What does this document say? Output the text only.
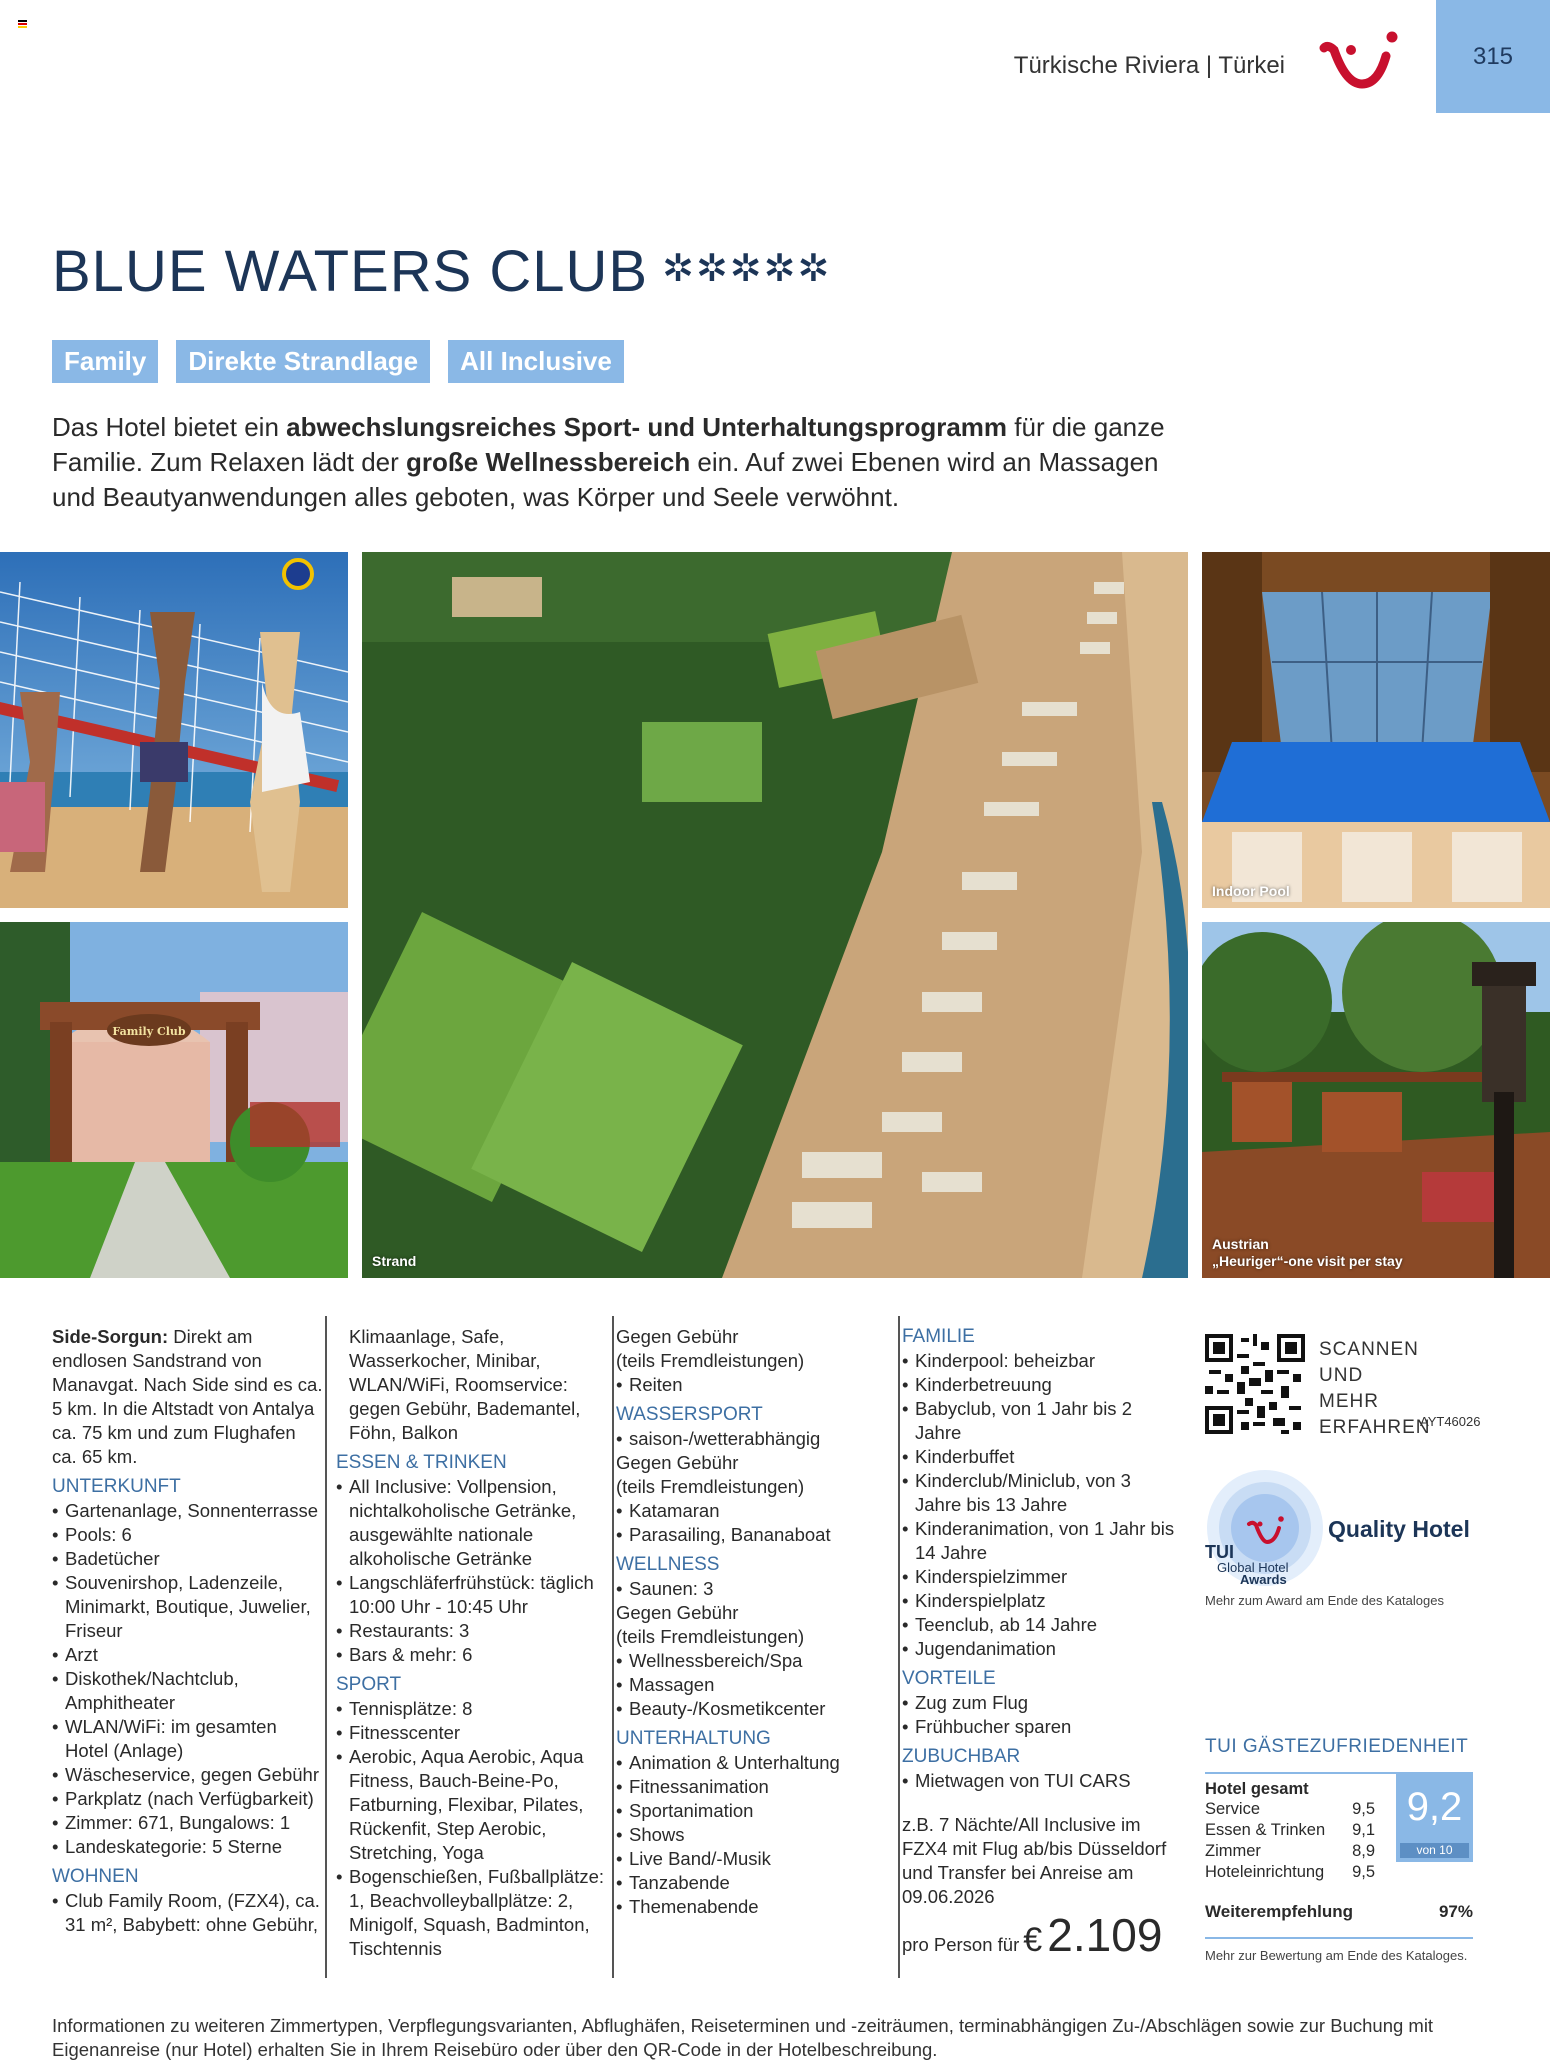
Türkische Riviera | Türkei	315
BLUE WATERS CLUB ✲✲✲✲✲
Family	Direkte Strandlage	All Inclusive

Das Hotel bietet ein abwechslungsreiches Sport- und Unterhaltungsprogramm für die ganze Familie. Zum Relaxen lädt der große Wellnessbereich ein. Auf zwei Ebenen wird an Massagen und Beautyanwendungen alles geboten, was Körper und Seele verwöhnt.

Family Club
Strand
Indoor Pool
Austrian
„Heuriger“-one visit per stay

Side-Sorgun: Direkt am endlosen Sandstrand von Manavgat. Nach Side sind es ca. 5 km. In die Altstadt von Antalya ca. 75 km und zum Flughafen ca. 65 km.

UNTERKUNFT

• Gartenanlage, Sonnenterrasse
• Pools: 6
• Badetücher
• Souvenirshop, Ladenzeile, Minimarkt, Boutique, Juwelier, Friseur
• Arzt
• Diskothek/Nachtclub, Amphitheater
• WLAN/WiFi: im gesamten Hotel (Anlage)
• Wäscheservice, gegen Gebühr
• Parkplatz (nach Verfügbarkeit)
• Zimmer: 671, Bungalows: 1
• Landeskategorie: 5 Sterne

WOHNEN

• Club Family Room, (FZX4), ca. 31 m², Babybett: ohne Gebühr,

Klimaanlage, Safe, Wasserkocher, Minibar, WLAN/WiFi, Roomservice: gegen Gebühr, Bademantel, Föhn, Balkon

ESSEN & TRINKEN

• All Inclusive: Vollpension, nichtalkoholische Getränke, ausgewählte nationale alkoholische Getränke
• Langschläferfrühstück: täglich 10:00 Uhr - 10:45 Uhr
• Restaurants: 3
• Bars & mehr: 6

SPORT

• Tennisplätze: 8
• Fitnesscenter
• Aerobic, Aqua Aerobic, Aqua Fitness, Bauch-Beine-Po, Fatburning, Flexibar, Pilates, Rückenfit, Step Aerobic, Stretching, Yoga
• Bogenschießen, Fußballplätze: 1, Beachvolleyballplätze: 2, Minigolf, Squash, Badminton, Tischtennis

Gegen Gebühr

(teils Fremdleistungen)

• Reiten

WASSERSPORT

• saison-/wetterabhängig

Gegen Gebühr

(teils Fremdleistungen)

• Katamaran
• Parasailing, Bananaboat

WELLNESS

• Saunen: 3

Gegen Gebühr

(teils Fremdleistungen)

• Wellnessbereich/Spa
• Massagen
• Beauty-/Kosmetikcenter

UNTERHALTUNG

• Animation & Unterhaltung
• Fitnessanimation
• Sportanimation
• Shows
• Live Band/-Musik
• Tanzabende
• Themenabende

FAMILIE

• Kinderpool: beheizbar
• Kinderbetreuung
• Babyclub, von 1 Jahr bis 2 Jahre
• Kinderbuffet
• Kinderclub/Miniclub, von 3 Jahre bis 13 Jahre
• Kinderanimation, von 1 Jahr bis 14 Jahre
• Kinderspielzimmer
• Kinderspielplatz
• Teenclub, ab 14 Jahre
• Jugendanimation

VORTEILE

• Zug zum Flug
• Frühbucher sparen

ZUBUCHBAR

• Mietwagen von TUI CARS

z.B. 7 Nächte/All Inclusive im FZX4 mit Flug ab/bis Düsseldorf und Transfer bei Anreise am 09.06.2026

pro Person für € 2.109
SCANNEN UND MEHR ERFAHREN
AYT46026
TUI
Global Hotel
Awards
Quality Hotel
Mehr zum Award am Ende des Kataloges
TUI GÄSTEZUFRIEDENHEIT
Hotel gesamt
Service	9,5
Essen & Trinken 9,1
Zimmer	8,9
Hoteleinrichtung 9,5
9,2
von 10
Weiterempfehlung	97%
Mehr zur Bewertung am Ende des Kataloges.

Informationen zu weiteren Zimmertypen, Verpflegungsvarianten, Abflughäfen, Reiseterminen und -zeiträumen, terminabhängigen Zu-/Abschlägen sowie zur Buchung mit Eigenanreise (nur Hotel) erhalten Sie in Ihrem Reisebüro oder über den QR-Code in der Hotelbeschreibung.
